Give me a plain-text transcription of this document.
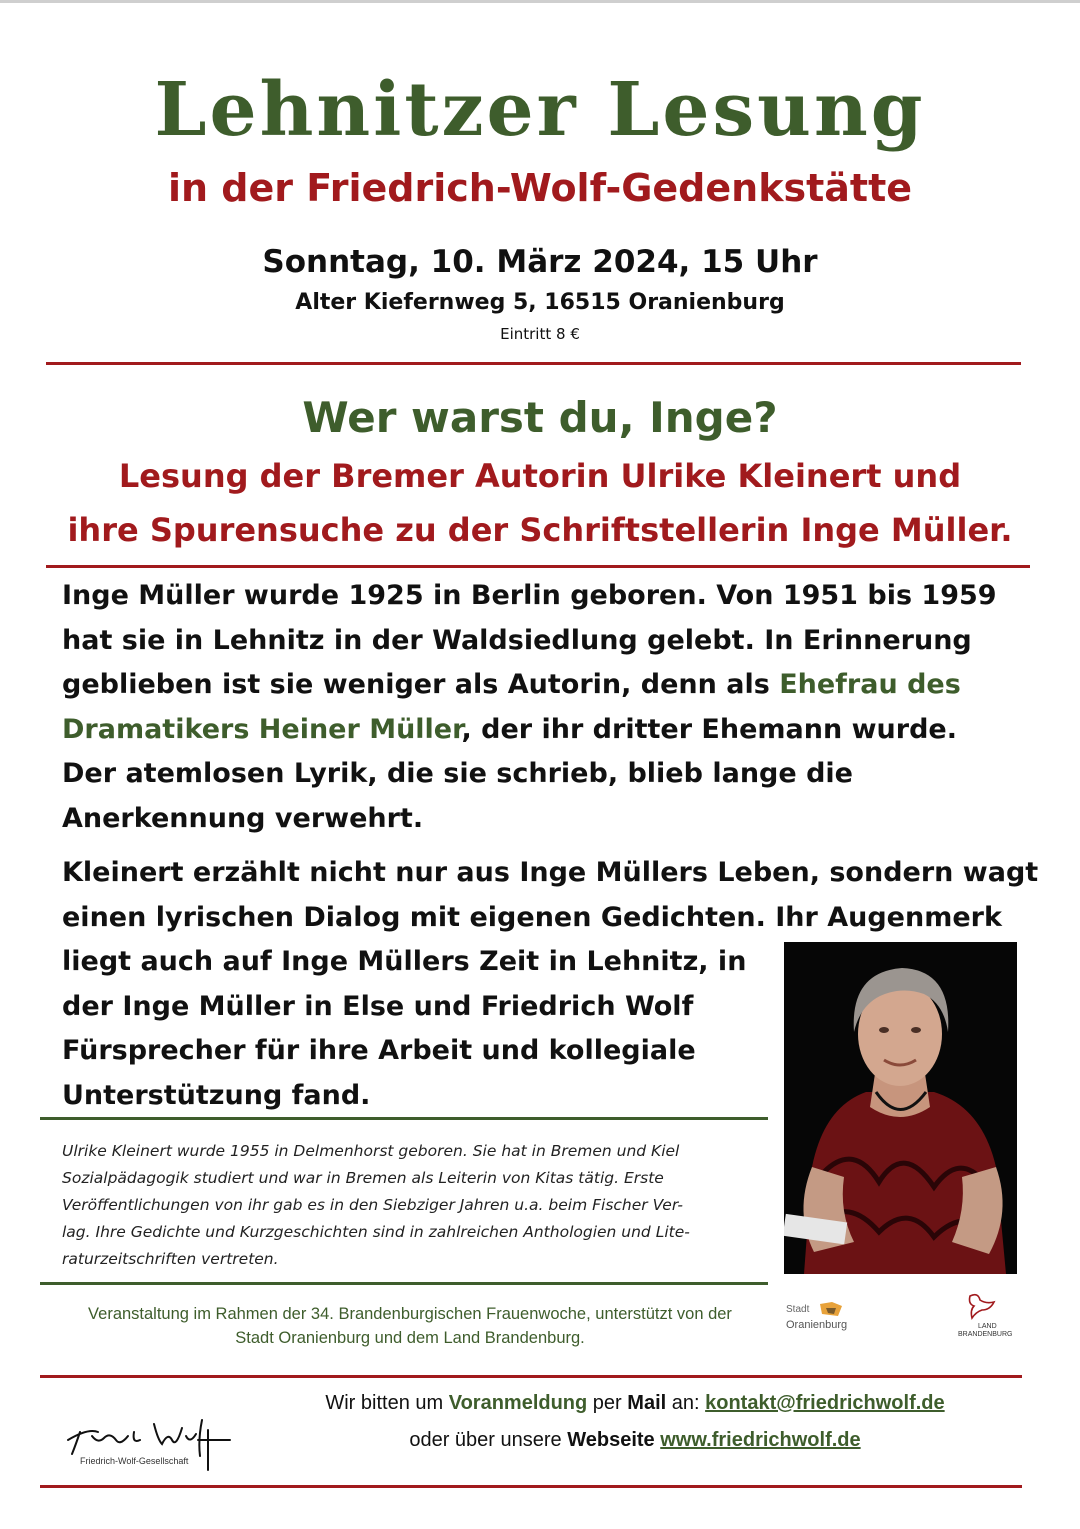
Lehnitzer Lesung
in der Friedrich-Wolf-Gedenkstätte
Sonntag, 10. März 2024, 15 Uhr
Alter Kiefernweg 5, 16515 Oranienburg
Eintritt 8 €
Wer warst du, Inge?
Lesung der Bremer Autorin Ulrike Kleinert und
ihre Spurensuche zu der Schriftstellerin Inge Müller.
Inge Müller wurde 1925 in Berlin geboren. Von 1951 bis 1959
hat sie in Lehnitz in der Waldsiedlung gelebt. In Erinnerung
geblieben ist sie weniger als Autorin, denn als Ehefrau des
Dramatikers Heiner Müller, der ihr dritter Ehemann wurde.
Der atemlosen Lyrik, die sie schrieb, blieb lange die
Anerkennung verwehrt.
Kleinert erzählt nicht nur aus Inge Müllers Leben, sondern wagt
einen lyrischen Dialog mit eigenen Gedichten. Ihr Augenmerk
liegt auch auf Inge Müllers Zeit in Lehnitz, in
der Inge Müller in Else und Friedrich Wolf
Fürsprecher für ihre Arbeit und kollegiale
Unterstützung fand.
Ulrike Kleinert wurde 1955 in Delmenhorst geboren. Sie hat in Bremen und Kiel
Sozialpädagogik studiert und war in Bremen als Leiterin von Kitas tätig. Erste
Veröffentlichungen von ihr gab es in den Siebziger Jahren u.a. beim Fischer Ver-
lag. Ihre Gedichte und Kurzgeschichten sind in zahlreichen Anthologien und Lite-
raturzeitschriften vertreten.
Veranstaltung im Rahmen der 34. Brandenburgischen Frauenwoche, unterstützt von der
Stadt Oranienburg und dem Land Brandenburg.
Stadt
Oranienburg	LAND
BRANDENBURG
Wir bitten um Voranmeldung per Mail an: kontakt@friedrichwolf.de
oder über unsere Webseite www.friedrichwolf.de
Friedrich-Wolf-Gesellschaft
